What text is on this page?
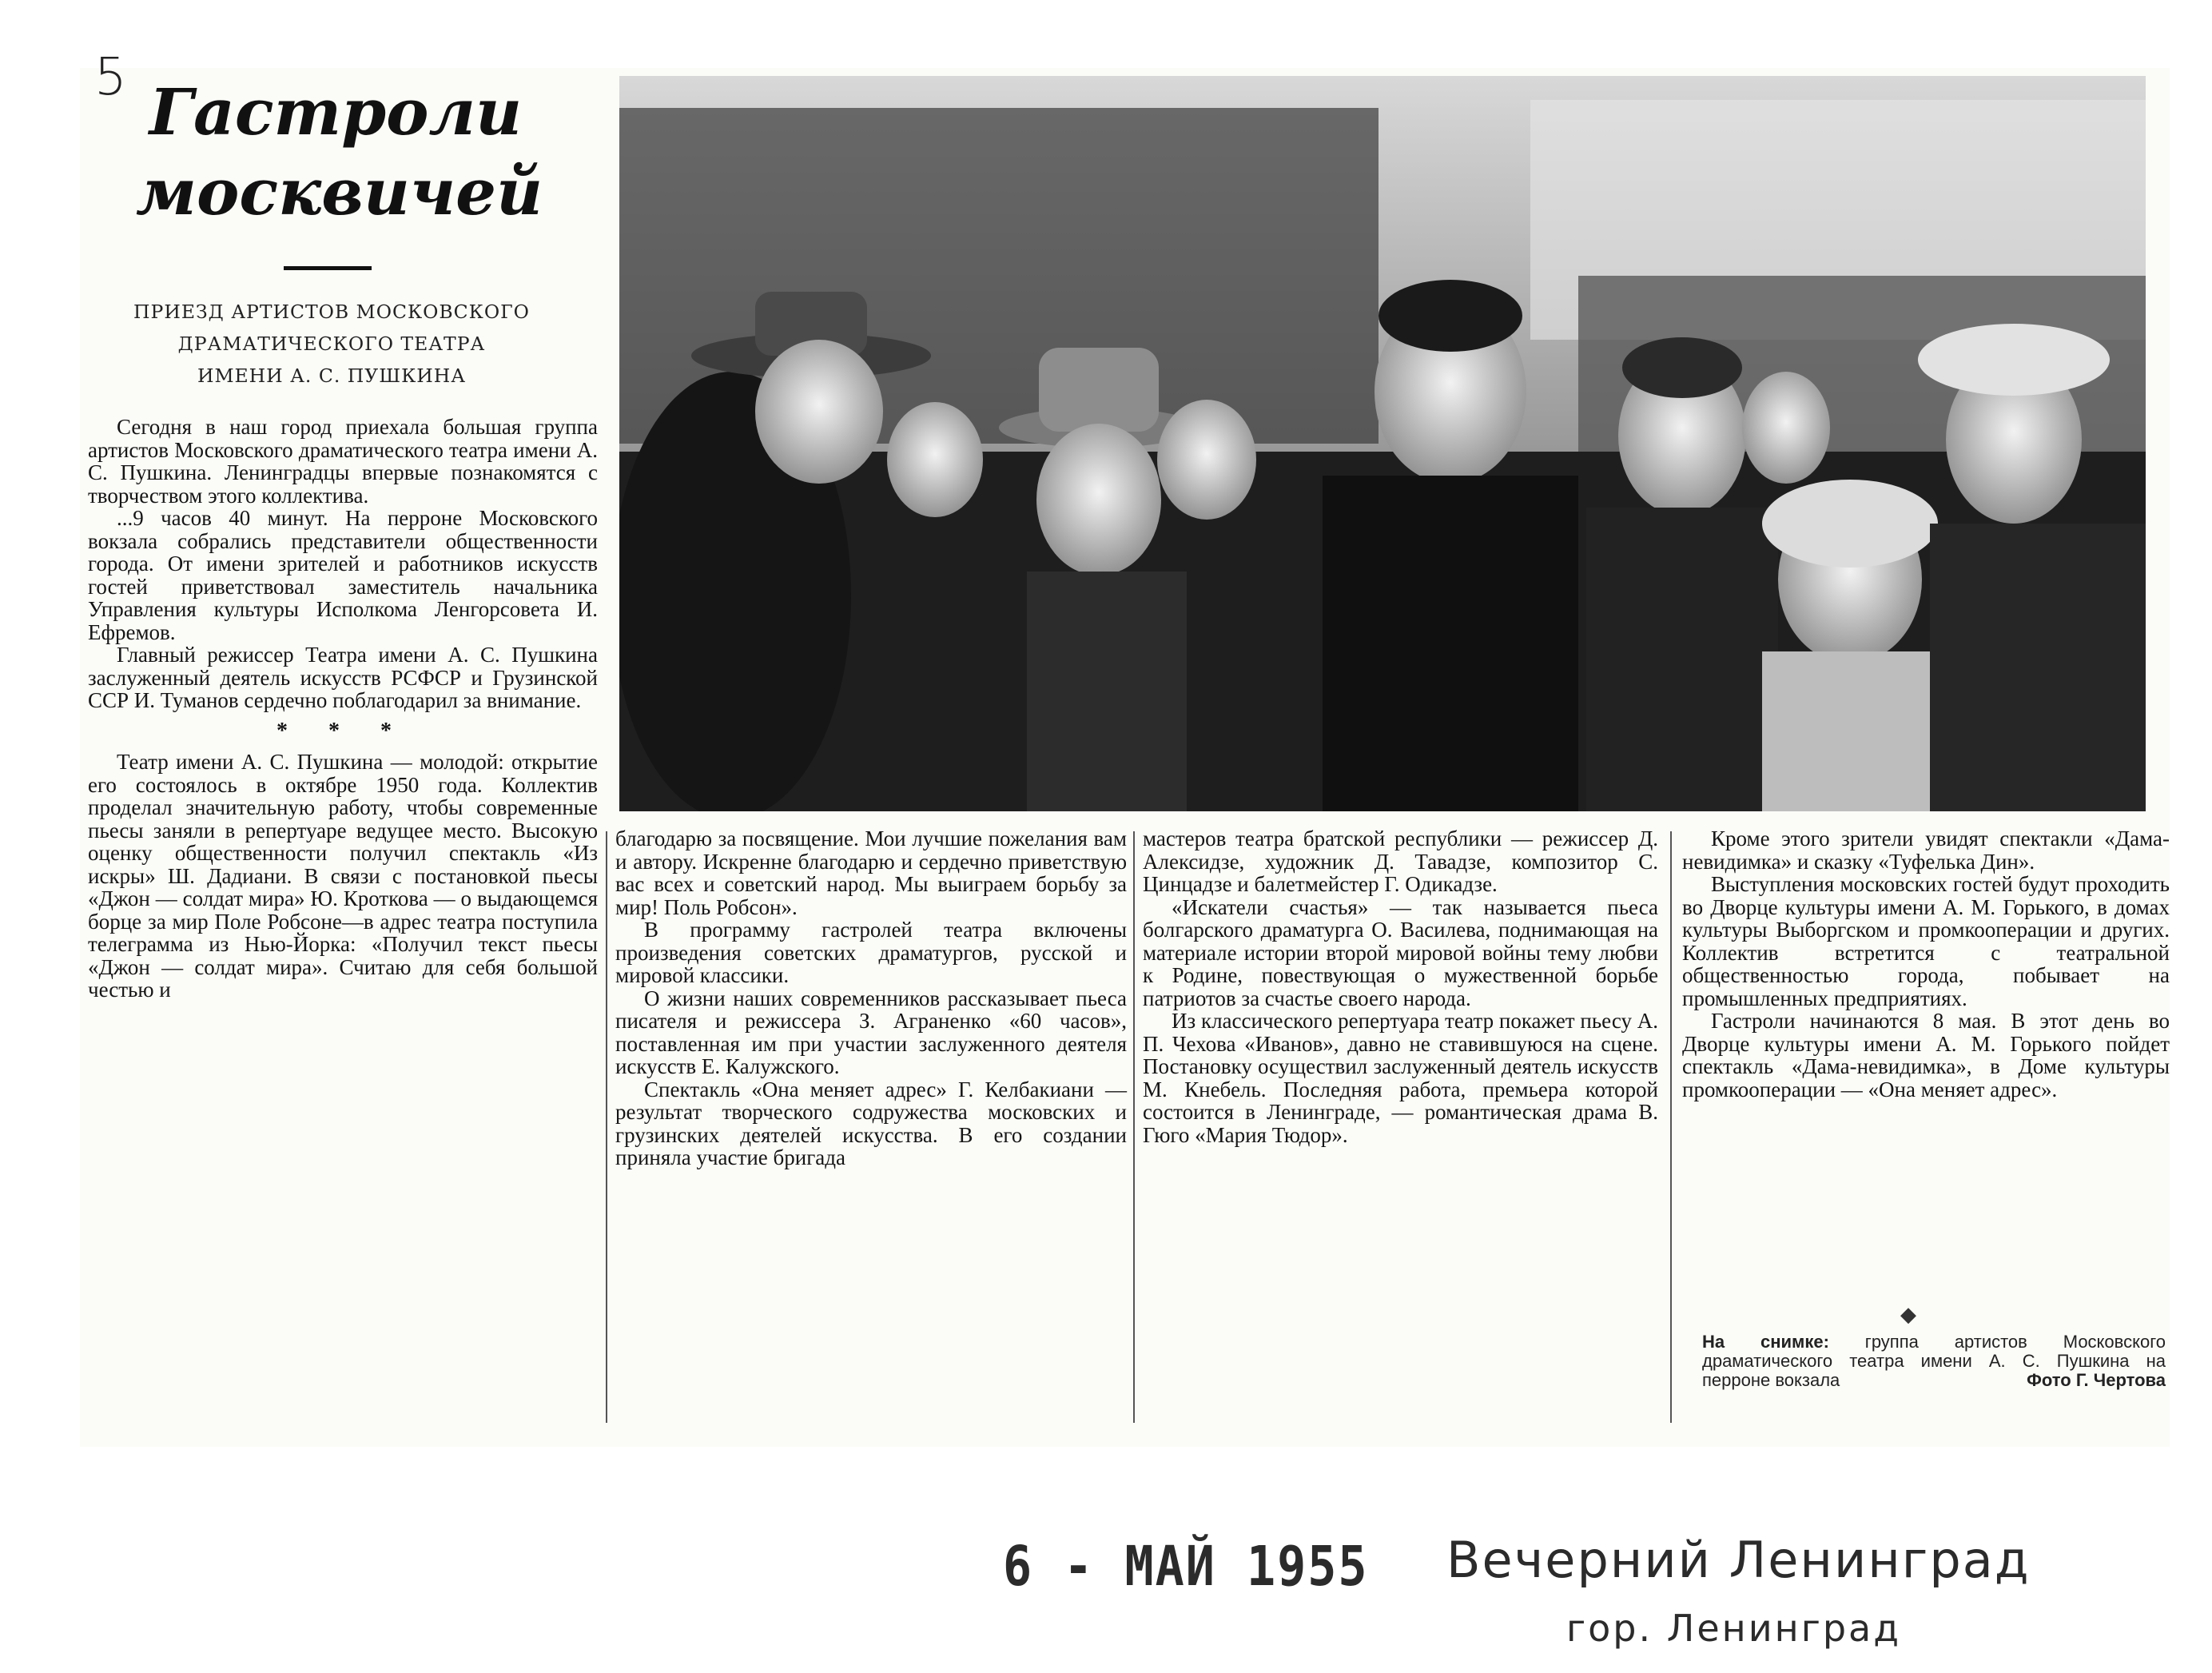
5 Гастроли
москвичей
ПРИЕЗД АРТИСТОВ МОСКОВСКОГО
ДРАМАТИЧЕСКОГО ТЕАТРА
ИМЕНИ А. С. ПУШКИНА

Сегодня в наш город приехала большая группа артистов Московского драматического театра имени А. С. Пушкина. Ленинградцы впервые познакомятся с творчеством этого коллектива.

...9 часов 40 минут. На перроне Московского вокзала собрались представители общественности города. От имени зрителей и работников искусств гостей приветствовал заместитель начальника Управления культуры Исполкома Ленгорсовета И. Ефремов.

Главный режиссер Театра имени А. С. Пушкина заслуженный деятель искусств РСФСР и Грузинской ССР И. Туманов сердечно поблагодарил за внимание.

* * *

Театр имени А. С. Пушкина — молодой: открытие его состоялось в октябре 1950 года. Коллектив проделал значительную работу, чтобы современные пьесы заняли в репертуаре ведущее место. Высокую оценку общественности получил спектакль «Из искры» Ш. Дадиани. В связи с постановкой пьесы «Джон — солдат мира» Ю. Кроткова — о выдающемся борце за мир Поле Робсоне—в адрес театра поступила телеграмма из Нью-Йорка: «Получил текст пьесы «Джон — солдат мира». Считаю для себя большой честью и

благодарю за посвящение. Мои лучшие пожелания вам и автору. Искренне благодарю и сердечно приветствую вас всех и советский народ. Мы выиграем борьбу за мир! Поль Робсон».

В программу гастролей театра включены произведения советских драматургов, русской и мировой классики.

О жизни наших современников рассказывает пьеса писателя и режиссера З. Аграненко «60 часов», поставленная им при участии заслуженного деятеля искусств Е. Калужского.

Спектакль «Она меняет адрес» Г. Келбакиани — результат творческого содружества московских и грузинских деятелей искусства. В его создании приняла участие бригада

мастеров театра братской республики — режиссер Д. Алексидзе, художник Д. Тавадзе, композитор С. Цинцадзе и балетмейстер Г. Одикадзе.

«Искатели счастья» — так называется пьеса болгарского драматурга О. Василева, поднимающая на материале истории второй мировой войны тему любви к Родине, повествующая о мужественной борьбе патриотов за счастье своего народа.

Из классического репертуара театр покажет пьесу А. П. Чехова «Иванов», давно не ставившуюся на сцене. Постановку осуществил заслуженный деятель искусств М. Кнебель. Последняя работа, премьера которой состоится в Ленинграде, — романтическая драма В. Гюго «Мария Тюдор».

Кроме этого зрители увидят спектакли «Дама-невидимка» и сказку «Туфелька Дин».

Выступления московских гостей будут проходить во Дворце культуры имени А. М. Горького, в домах культуры Выборгском и промкооперации и других. Коллектив встретится с театральной общественностью города, побывает на промышленных предприятиях.

Гастроли начинаются 8 мая. В этот день во Дворце культуры имени А. М. Горького пойдет спектакль «Дама-невидимка», в Доме культуры промкооперации — «Она меняет адрес».

◆
На снимке: группа артистов Московского драматического театра имени А. С. Пушкина на перроне вокзала	Фото Г. Чертова
6 - МАЙ 1955 Вечерний Ленинград
гор. Ленинград
